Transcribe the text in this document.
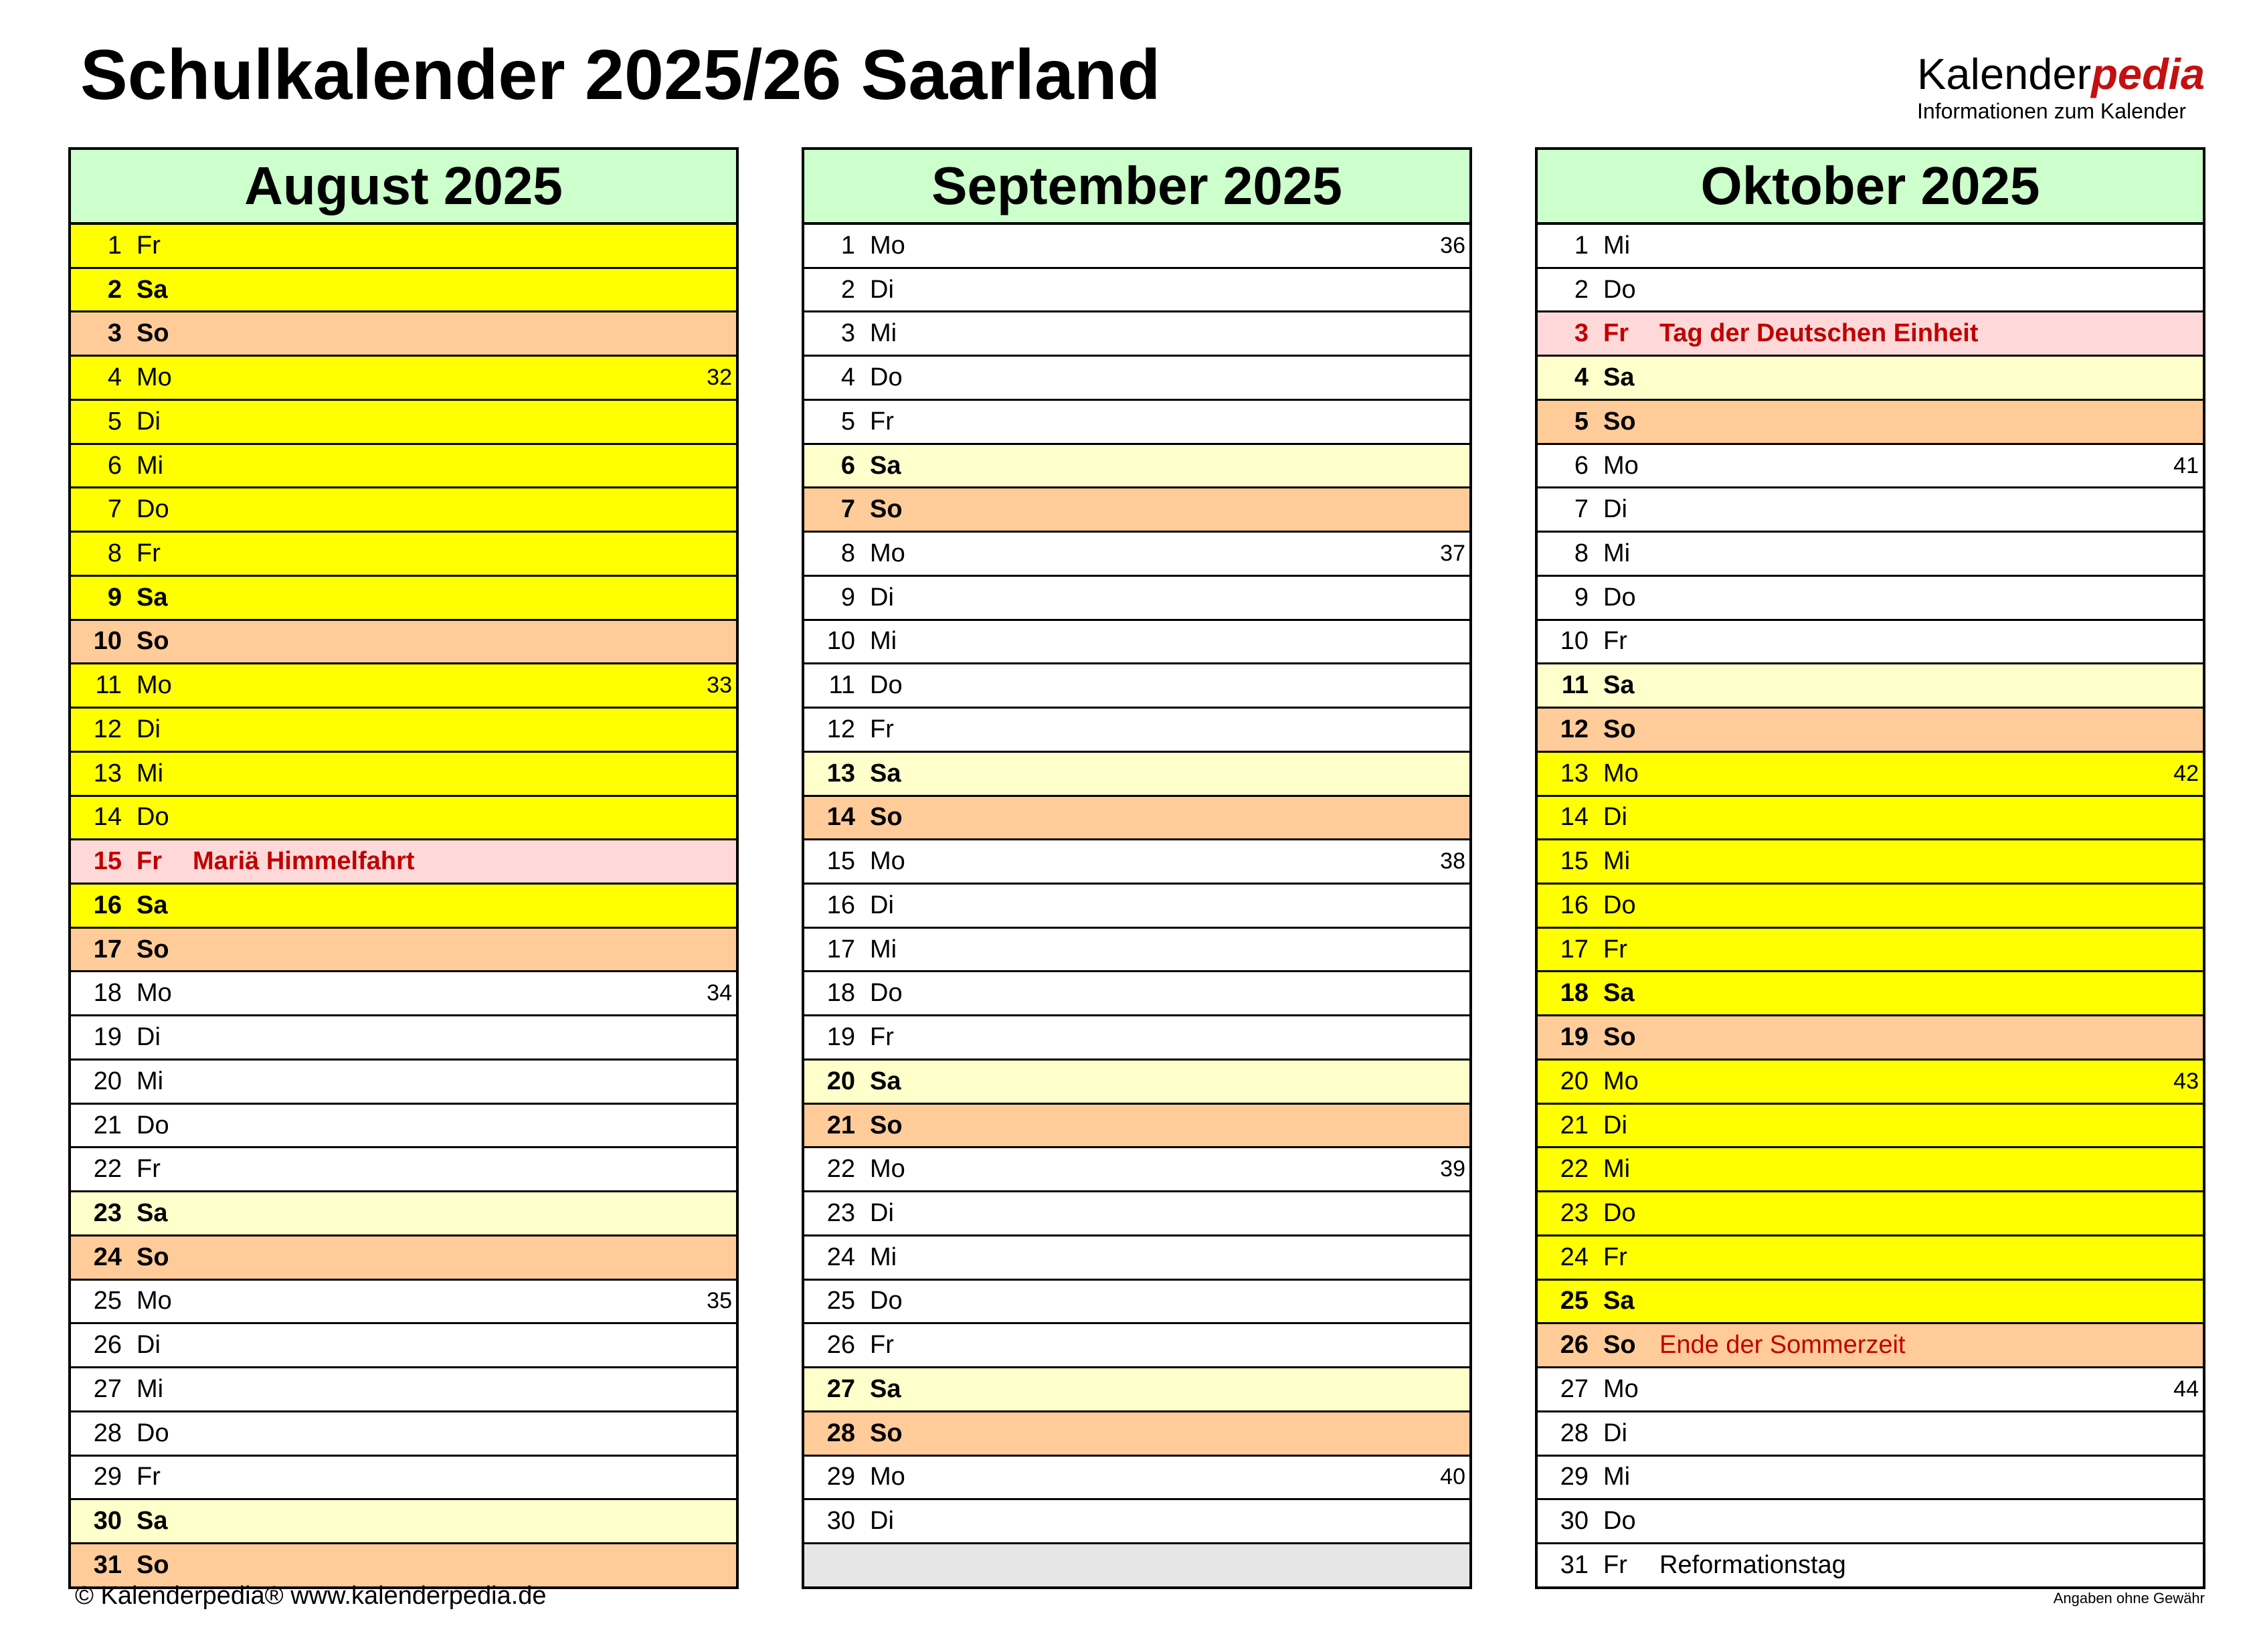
Schulkalender 2025/26 Saarland	Kalenderpedia
Informationen zum Kalender
August 2025
1 Fr
2 Sa
3 So
4 Mo	32
5 Di
6 Mi
7 Do
8 Fr
9 Sa
10 So
11 Mo	33
12 Di
13 Mi
14 Do
15 Fr	Mariä Himmelfahrt
16 Sa
17 So
18 Mo	34
19 Di
20 Mi
21 Do
22 Fr
23 Sa
24 So
25 Mo	35
26 Di
27 Mi
28 Do
29 Fr
30 Sa
31 So
September 2025
1 Mo	36
2 Di
3 Mi
4 Do
5 Fr
6 Sa
7 So
8 Mo	37
9 Di
10 Mi
11 Do
12 Fr
13 Sa
14 So
15 Mo	38
16 Di
17 Mi
18 Do
19 Fr
20 Sa
21 So
22 Mo	39
23 Di
24 Mi
25 Do
26 Fr
27 Sa
28 So
29 Mo	40
30 Di
Oktober 2025
1 Mi
2 Do
3 Fr	Tag der Deutschen Einheit
4 Sa
5 So
6 Mo	41
7 Di
8 Mi
9 Do
10 Fr
11 Sa
12 So
13 Mo	42
14 Di
15 Mi
16 Do
17 Fr
18 Sa
19 So
20 Mo	43
21 Di
22 Mi
23 Do
24 Fr
25 Sa
26 So Ende der Sommerzeit
27 Mo	44
28 Di
29 Mi
30 Do
31 Fr	Reformationstag
© Kalenderpedia® www.kalenderpedia.de	Angaben ohne Gewähr
